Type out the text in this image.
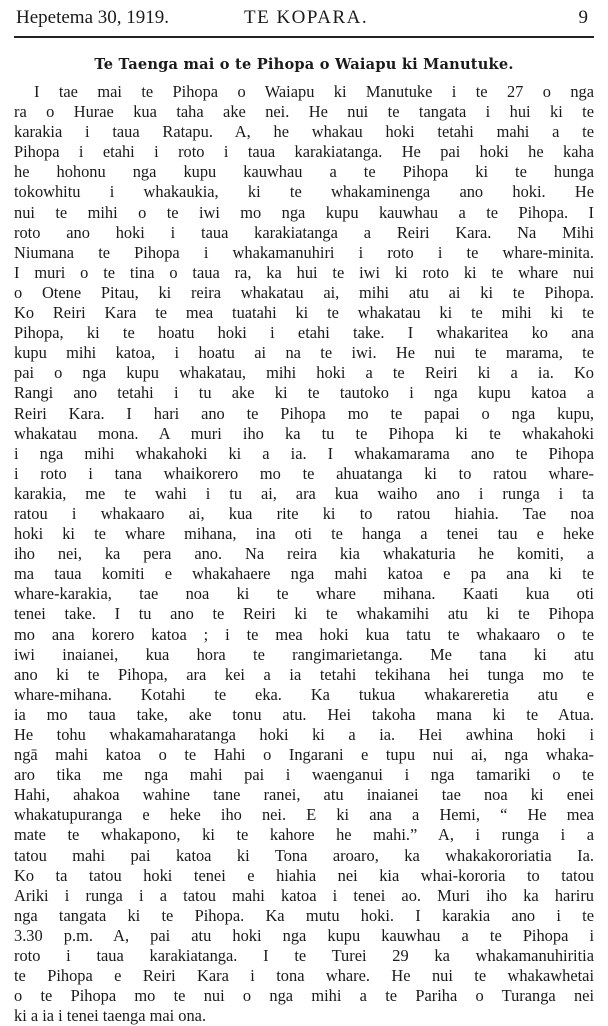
Hepetema 30, 1919.	TE KOPARA.	9
Te Taenga mai o te Pihopa o Waiapu ki Manutuke.
I tae mai te Pihopa o Waiapu ki Manutuke i te 27 o nga
ra o Hurae kua taha ake nei. He nui te tangata i hui ki te
karakia i taua Ratapu. A, he whakau hoki tetahi mahi a te
Pihopa i etahi i roto i taua karakiatanga. He pai hoki he kaha
he hohonu nga kupu kauwhau a te Pihopa ki te hunga
tokowhitu i whakaukia, ki te whakaminenga ano hoki. He
nui te mihi o te iwi mo nga kupu kauwhau a te Pihopa. I
roto ano hoki i taua karakiatanga a Reiri Kara. Na Mihi
Niumana te Pihopa i whakamanuhiri i roto i te whare-minita.
I muri o te tina o taua ra, ka hui te iwi ki roto ki te whare nui
o Otene Pitau, ki reira whakatau ai, mihi atu ai ki te Pihopa.
Ko Reiri Kara te mea tuatahi ki te whakatau ki te mihi ki te
Pihopa, ki te hoatu hoki i etahi take. I whakaritea ko ana
kupu mihi katoa, i hoatu ai na te iwi. He nui te marama, te
pai o nga kupu whakatau, mihi hoki a te Reiri ki a ia. Ko
Rangi ano tetahi i tu ake ki te tautoko i nga kupu katoa a
Reiri Kara. I hari ano te Pihopa mo te papai o nga kupu,
whakatau mona. A muri iho ka tu te Pihopa ki te whakahoki
i nga mihi whakahoki ki a ia. I whakamarama ano te Pihopa
i roto i tana whaikorero mo te ahuatanga ki to ratou whare-
karakia, me te wahi i tu ai, ara kua waiho ano i runga i ta
ratou i whakaaro ai, kua rite ki to ratou hiahia. Tae noa
hoki ki te whare mihana, ina oti te hanga a tenei tau e heke
iho nei, ka pera ano. Na reira kia whakaturia he komiti, a
ma taua komiti e whakahaere nga mahi katoa e pa ana ki te
whare-karakia, tae noa ki te whare mihana. Kaati kua oti
tenei take. I tu ano te Reiri ki te whakamihi atu ki te Pihopa
mo ana korero katoa ; i te mea hoki kua tatu te whakaaro o te
iwi inaianei, kua hora te rangimarietanga. Me tana ki atu
ano ki te Pihopa, ara kei a ia tetahi tekihana hei tunga mo te
whare-mihana. Kotahi te eka. Ka tukua whakareretia atu e
ia mo taua take, ake tonu atu. Hei takoha mana ki te Atua.
He tohu whakamaharatanga hoki ki a ia. Hei awhina hoki i
ngā mahi katoa o te Hahi o Ingarani e tupu nui ai, nga whaka-
aro tika me nga mahi pai i waenganui i nga tamariki o te
Hahi, ahakoa wahine tane ranei, atu inaianei tae noa ki enei
whakatupuranga e heke iho nei. E ki ana a Hemi, “ He mea
mate te whakapono, ki te kahore he mahi.” A, i runga i a
tatou mahi pai katoa ki Tona aroaro, ka whakakororiatia Ia.
Ko ta tatou hoki tenei e hiahia nei kia whai-kororia to tatou
Ariki i runga i a tatou mahi katoa i tenei ao. Muri iho ka hariru
nga tangata ki te Pihopa. Ka mutu hoki. I karakia ano i te
3.30 p.m. A, pai atu hoki nga kupu kauwhau a te Pihopa i
roto i taua karakiatanga. I te Turei 29 ka whakamanuhiritia
te Pihopa e Reiri Kara i tona whare. He nui te whakawhetai
o te Pihopa mo te nui o nga mihi a te Pariha o Turanga nei
ki a ia i tenei taenga mai ona.
